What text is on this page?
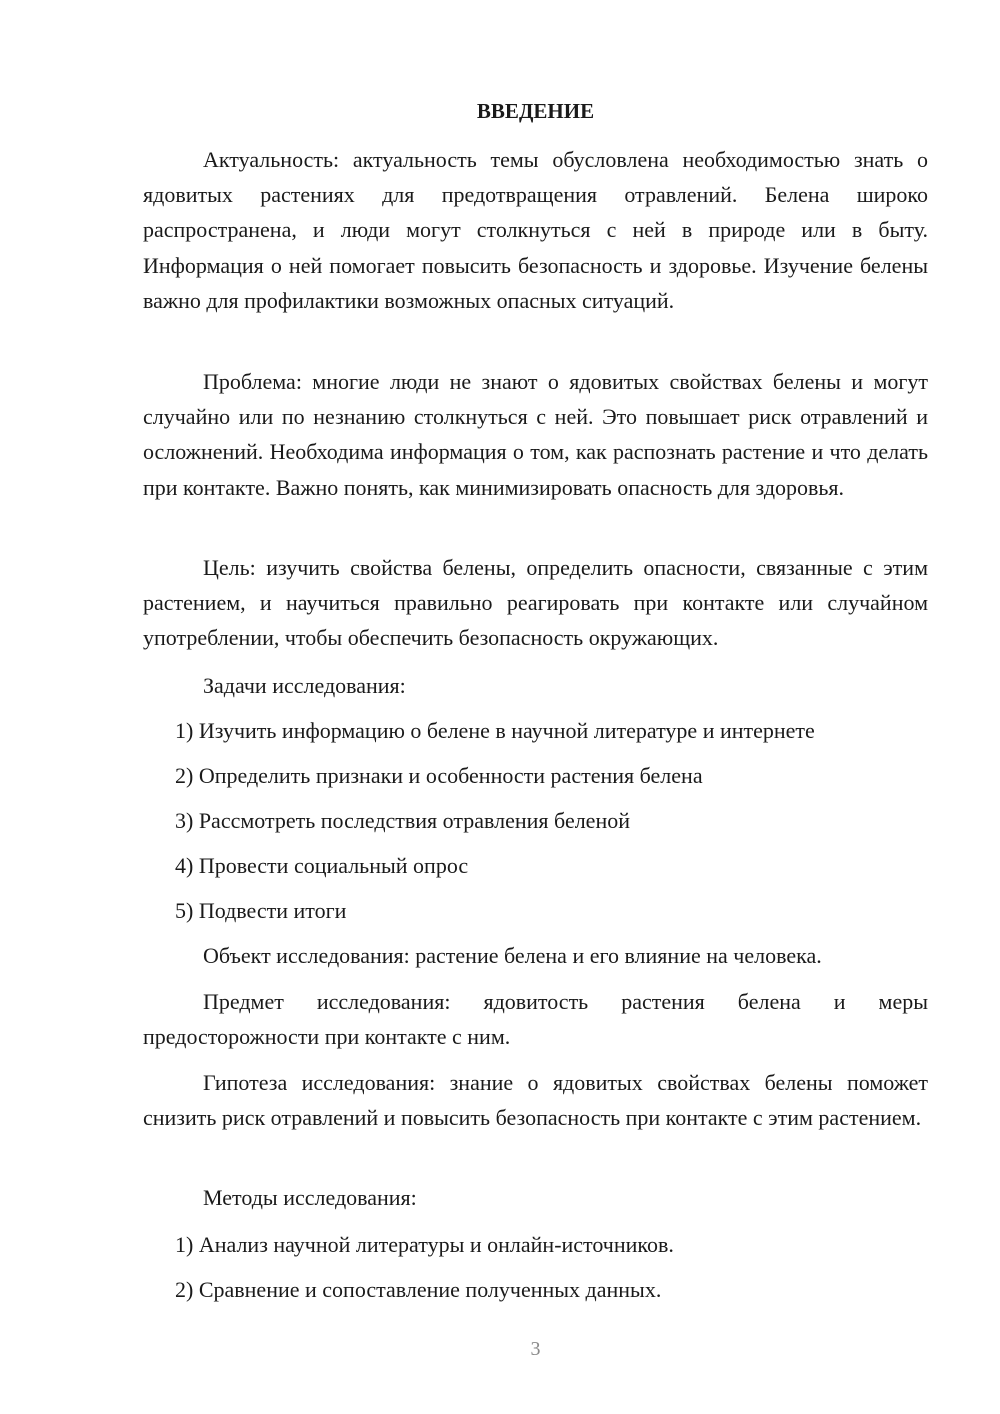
ВВЕДЕНИЕ

Актуальность: актуальность темы обусловлена необходимостью знать о ядовитых растениях для предотвращения отравлений. Белена широко распространена, и люди могут столкнуться с ней в природе или в быту. Информация о ней помогает повысить безопасность и здоровье. Изучение белены важно для профилактики возможных опасных ситуаций.

Проблема: многие люди не знают о ядовитых свойствах белены и могут случайно или по незнанию столкнуться с ней. Это повышает риск отравлений и осложнений. Необходима информация о том, как распознать растение и что делать при контакте. Важно понять, как минимизировать опасность для здоровья.

Цель: изучить свойства белены, определить опасности, связанные с этим растением, и научиться правильно реагировать при контакте или случайном употреблении, чтобы обеспечить безопасность окружающих.

Задачи исследования:
1) Изучить информацию о белене в научной литературе и интернете
2) Определить признаки и особенности растения белена
3) Рассмотреть последствия отравления беленой
4) Провести социальный опрос
5) Подвести итоги

Объект исследования: растение белена и его влияние на человека.

Предмет исследования: ядовитость растения белена и меры предосторожности при контакте с ним.

Гипотеза исследования: знание о ядовитых свойствах белены поможет снизить риск отравлений и повысить безопасность при контакте с этим растением.

Методы исследования:
1) Анализ научной литературы и онлайн-источников.
2) Сравнение и сопоставление полученных данных.
3
